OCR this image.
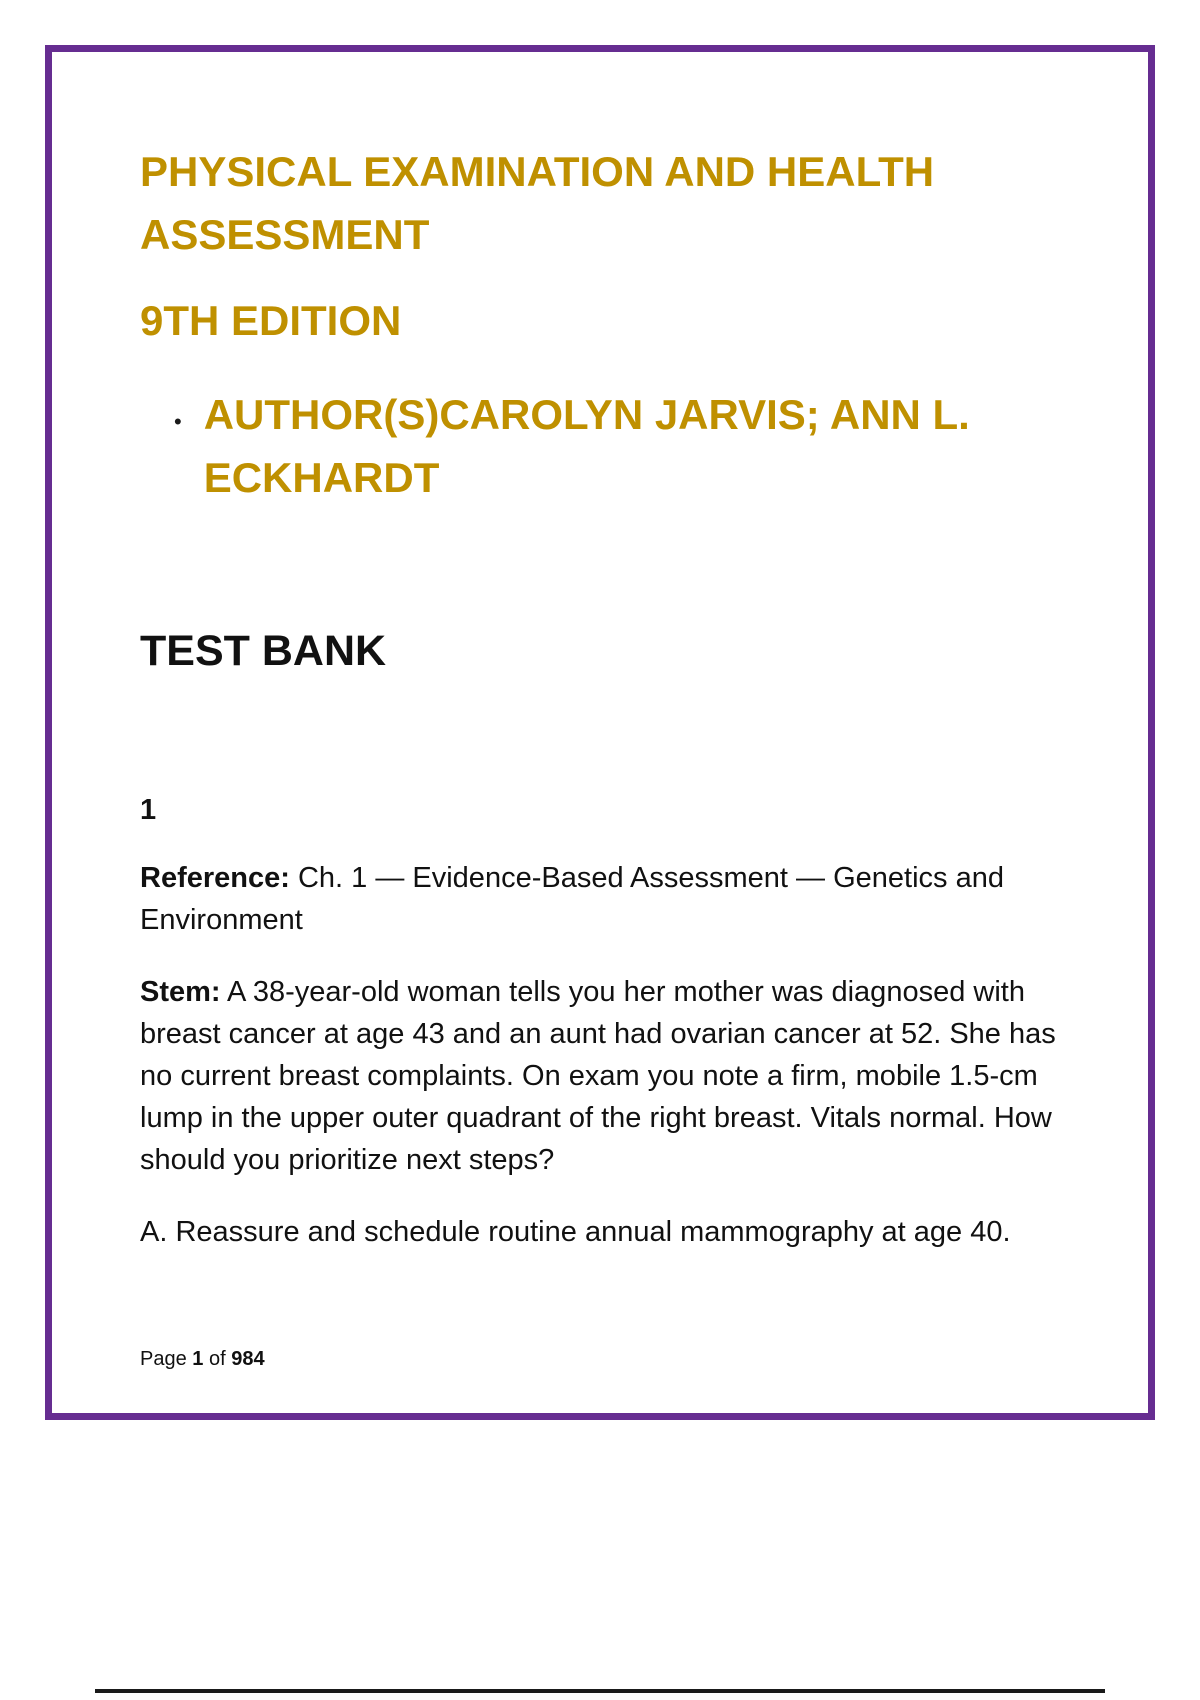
PHYSICAL EXAMINATION AND HEALTH ASSESSMENT
9TH EDITION
• AUTHOR(S)CAROLYN JARVIS; ANN L. ECKHARDT
TEST BANK
1

Reference: Ch. 1 — Evidence-Based Assessment — Genetics and Environment

Stem: A 38-year-old woman tells you her mother was diagnosed with breast cancer at age 43 and an aunt had ovarian cancer at 52. She has no current breast complaints. On exam you note a firm, mobile 1.5-cm lump in the upper outer quadrant of the right breast. Vitals normal. How should you prioritize next steps?

A. Reassure and schedule routine annual mammography at age 40.

Page 1 of 984
